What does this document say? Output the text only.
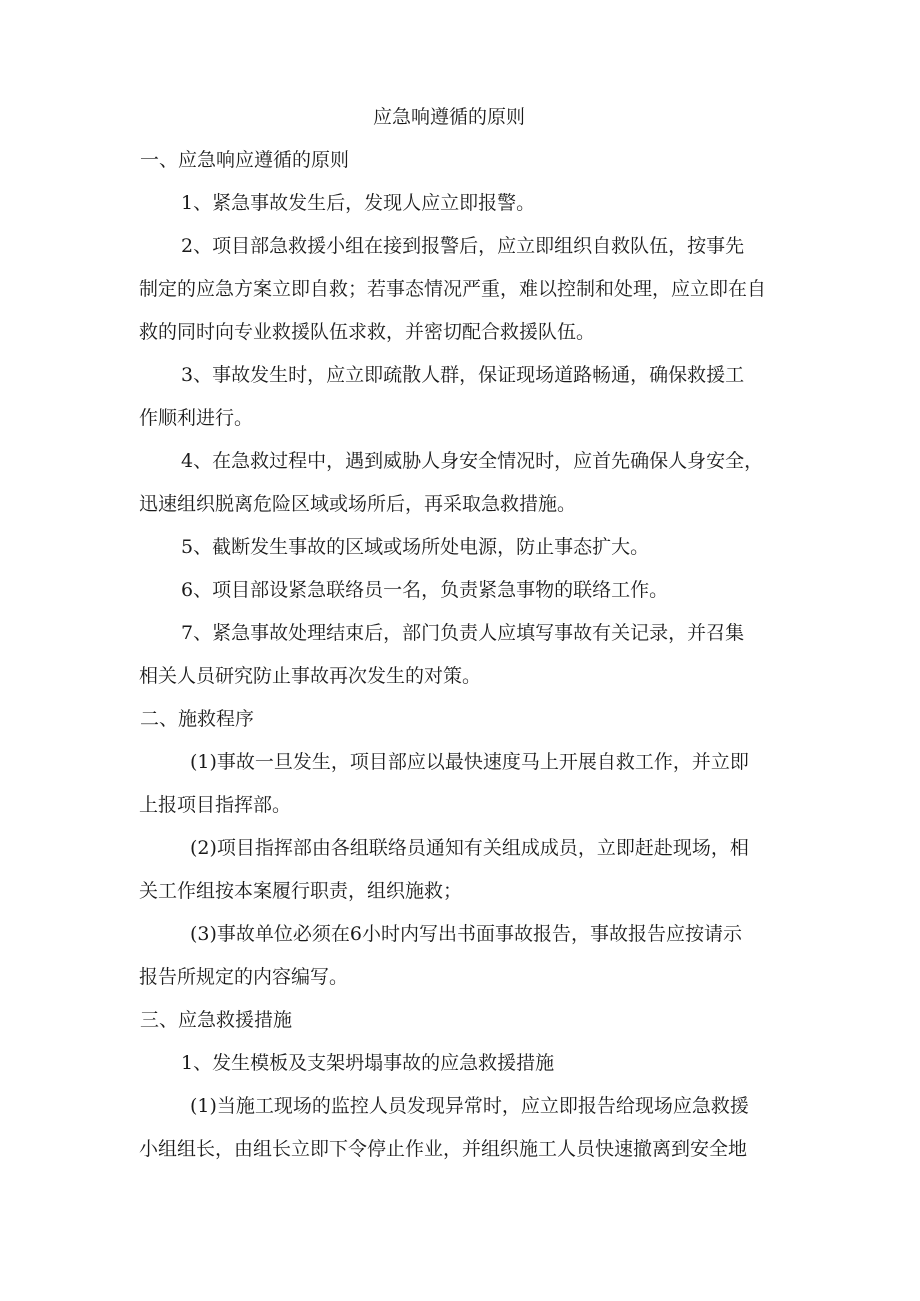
应急响遵循的原则
一、应急响应遵循的原则
1、紧急事故发生后，发现人应立即报警。
2、项目部急救援小组在接到报警后，应立即组织自救队伍，按事先
制定的应急方案立即自救；若事态情况严重，难以控制和处理，应立即在自
救的同时向专业救援队伍求救，并密切配合救援队伍。
3、事故发生时，应立即疏散人群，保证现场道路畅通，确保救援工
作顺利进行。
4、在急救过程中，遇到威胁人身安全情况时，应首先确保人身安全，
迅速组织脱离危险区域或场所后，再采取急救措施。
5、截断发生事故的区域或场所处电源，防止事态扩大。
6、项目部设紧急联络员一名，负责紧急事物的联络工作。
7、紧急事故处理结束后，部门负责人应填写事故有关记录，并召集
相关人员研究防止事故再次发生的对策。
二、施救程序
(1)事故一旦发生，项目部应以最快速度马上开展自救工作，并立即
上报项目指挥部。
(2)项目指挥部由各组联络员通知有关组成成员，立即赶赴现场，相
关工作组按本案履行职责，组织施救；
(3)事故单位必须在6小时内写出书面事故报告，事故报告应按请示
报告所规定的内容编写。
三、应急救援措施
1、发生模板及支架坍塌事故的应急救援措施
(1)当施工现场的监控人员发现异常时，应立即报告给现场应急救援
小组组长，由组长立即下令停止作业，并组织施工人员快速撤离到安全地
